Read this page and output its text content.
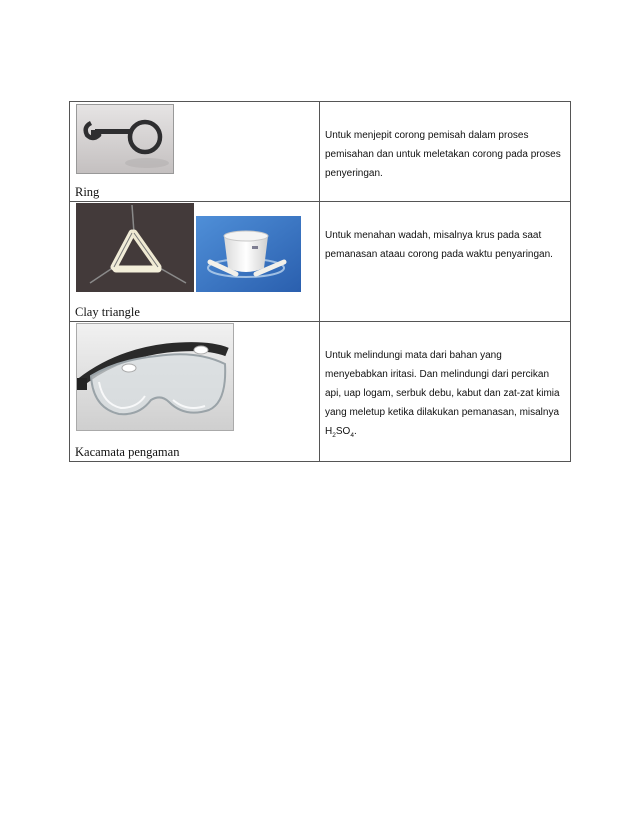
Ring	Untuk menjepit corong pemisah dalam proses pemisahan dan untuk meletakan corong pada proses penyeringan.

Clay triangle	Untuk menahan wadah, misalnya krus pada saat pemanasan ataau corong pada waktu penyaringan.

Kacamata pengaman	Untuk melindungi mata dari bahan yang menyebabkan iritasi. Dan melindungi dari percikan api, uap logam, serbuk debu, kabut dan zat-zat kimia yang meletup ketika dilakukan pemanasan, misalnya $H_2SO_4$.
